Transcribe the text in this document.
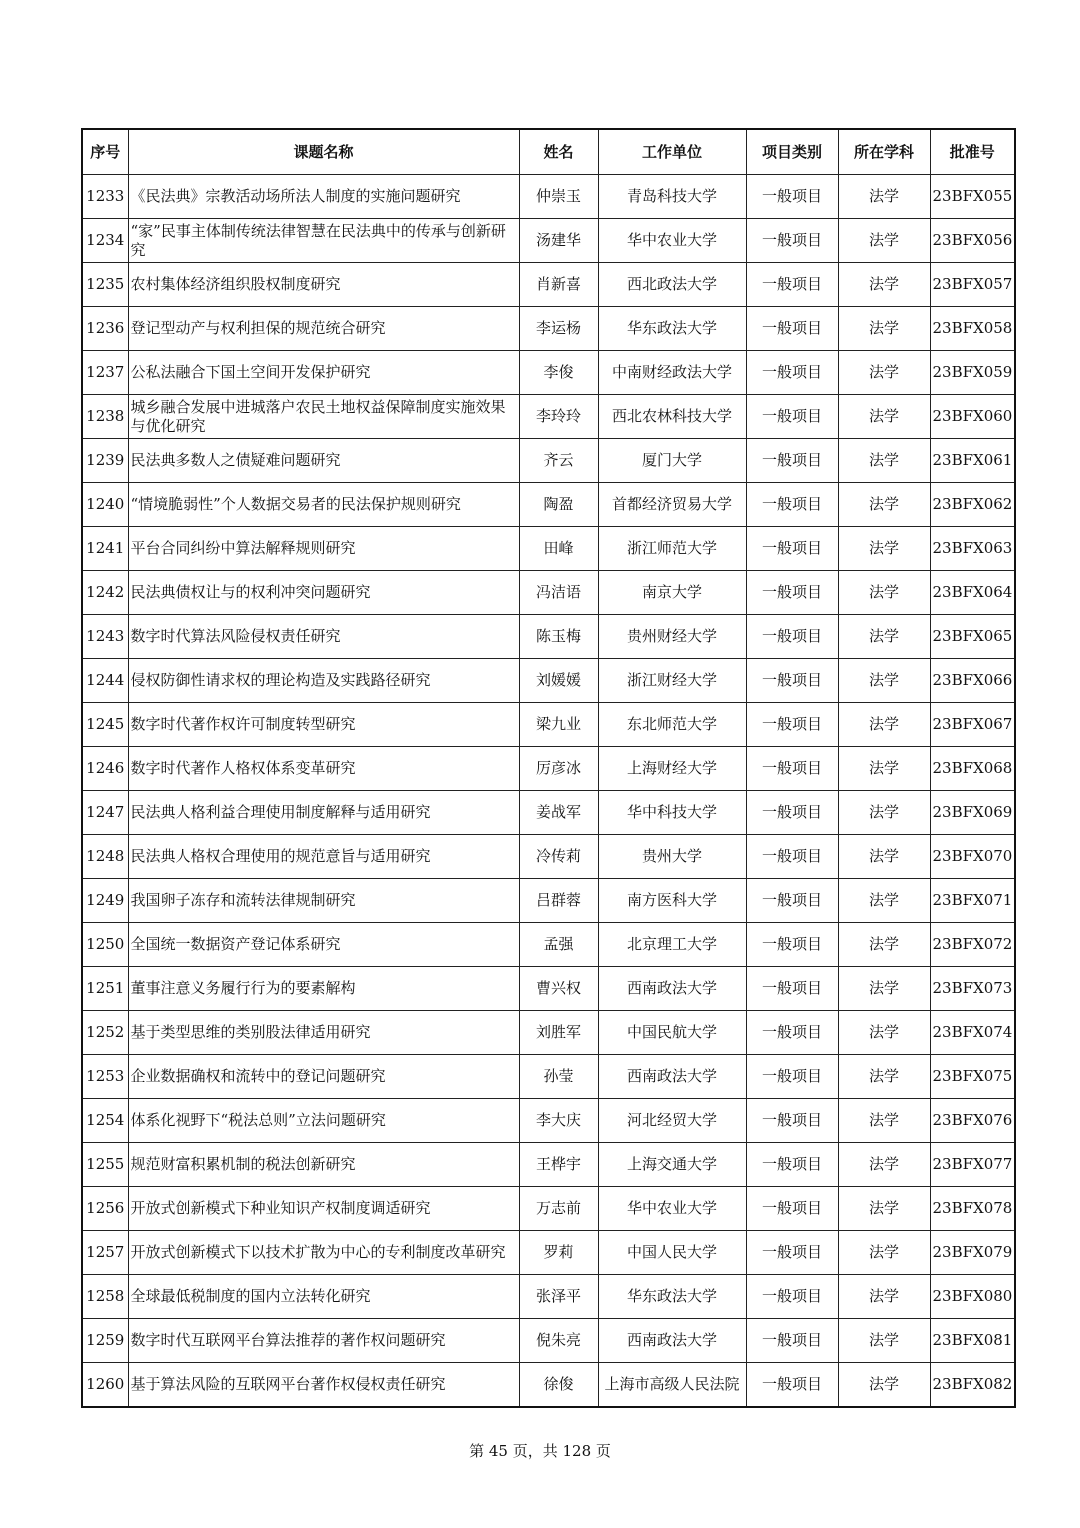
序号	课题名称	姓名	工作单位	项目类别	所在学科	批准号
1233	《民法典》宗教活动场所法人制度的实施问题研究	仲崇玉	青岛科技大学	一般项目	法学	23BFX055
1234	“家”民事主体制传统法律智慧在民法典中的传承与创新研究	汤建华	华中农业大学	一般项目	法学	23BFX056
1235	农村集体经济组织股权制度研究	肖新喜	西北政法大学	一般项目	法学	23BFX057
1236	登记型动产与权利担保的规范统合研究	李运杨	华东政法大学	一般项目	法学	23BFX058
1237	公私法融合下国土空间开发保护研究	李俊	中南财经政法大学	一般项目	法学	23BFX059
1238	城乡融合发展中进城落户农民土地权益保障制度实施效果与优化研究	李玲玲	西北农林科技大学	一般项目	法学	23BFX060
1239	民法典多数人之债疑难问题研究	齐云	厦门大学	一般项目	法学	23BFX061
1240	“情境脆弱性”个人数据交易者的民法保护规则研究	陶盈	首都经济贸易大学	一般项目	法学	23BFX062
1241	平台合同纠纷中算法解释规则研究	田峰	浙江师范大学	一般项目	法学	23BFX063
1242	民法典债权让与的权利冲突问题研究	冯洁语	南京大学	一般项目	法学	23BFX064
1243	数字时代算法风险侵权责任研究	陈玉梅	贵州财经大学	一般项目	法学	23BFX065
1244	侵权防御性请求权的理论构造及实践路径研究	刘媛媛	浙江财经大学	一般项目	法学	23BFX066
1245	数字时代著作权许可制度转型研究	梁九业	东北师范大学	一般项目	法学	23BFX067
1246	数字时代著作人格权体系变革研究	厉彦冰	上海财经大学	一般项目	法学	23BFX068
1247	民法典人格利益合理使用制度解释与适用研究	姜战军	华中科技大学	一般项目	法学	23BFX069
1248	民法典人格权合理使用的规范意旨与适用研究	冷传莉	贵州大学	一般项目	法学	23BFX070
1249	我国卵子冻存和流转法律规制研究	吕群蓉	南方医科大学	一般项目	法学	23BFX071
1250	全国统一数据资产登记体系研究	孟强	北京理工大学	一般项目	法学	23BFX072
1251	董事注意义务履行行为的要素解构	曹兴权	西南政法大学	一般项目	法学	23BFX073
1252	基于类型思维的类别股法律适用研究	刘胜军	中国民航大学	一般项目	法学	23BFX074
1253	企业数据确权和流转中的登记问题研究	孙莹	西南政法大学	一般项目	法学	23BFX075
1254	体系化视野下“税法总则”立法问题研究	李大庆	河北经贸大学	一般项目	法学	23BFX076
1255	规范财富积累机制的税法创新研究	王桦宇	上海交通大学	一般项目	法学	23BFX077
1256	开放式创新模式下种业知识产权制度调适研究	万志前	华中农业大学	一般项目	法学	23BFX078
1257	开放式创新模式下以技术扩散为中心的专利制度改革研究	罗莉	中国人民大学	一般项目	法学	23BFX079
1258	全球最低税制度的国内立法转化研究	张泽平	华东政法大学	一般项目	法学	23BFX080
1259	数字时代互联网平台算法推荐的著作权问题研究	倪朱亮	西南政法大学	一般项目	法学	23BFX081
1260	基于算法风险的互联网平台著作权侵权责任研究	徐俊	上海市高级人民法院	一般项目	法学	23BFX082
第 45 页，共 128 页
